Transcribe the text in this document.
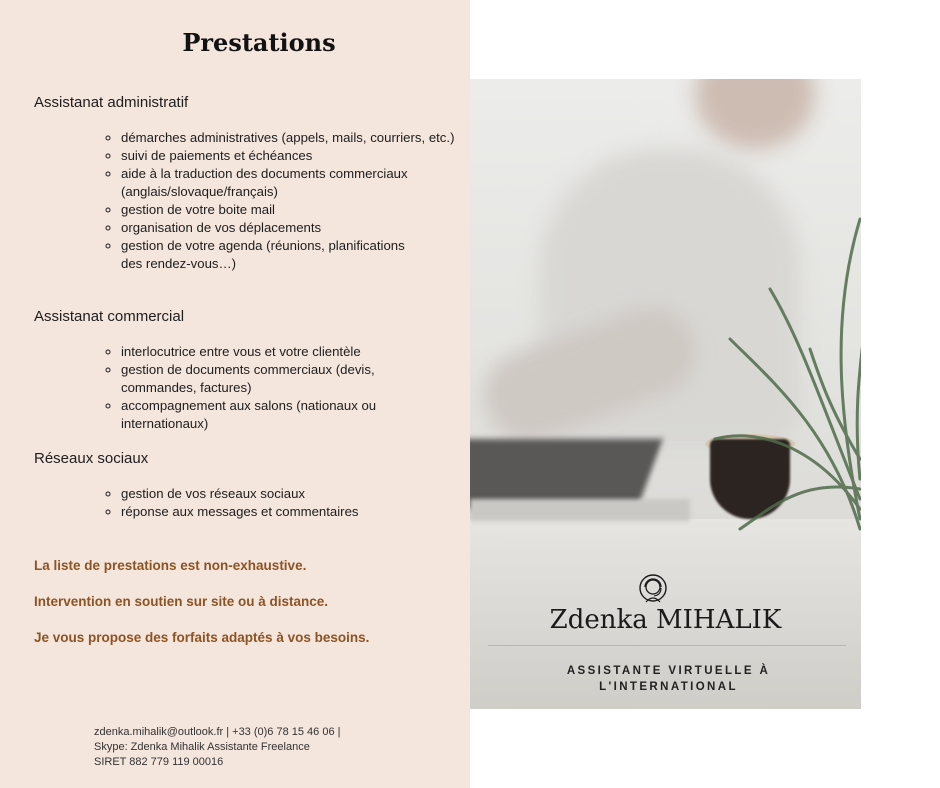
Prestations
Assistanat administratif
◦ démarches administratives (appels, mails, courriers, etc.)
◦ suivi de paiements et échéances
◦ aide à la traduction des documents commerciaux (anglais/slovaque/français)
◦ gestion de votre boite mail
◦ organisation de vos déplacements
◦ gestion de votre agenda (réunions, planifications des rendez-vous…)
Assistanat commercial
◦ interlocutrice entre vous et votre clientèle
◦ gestion de documents commerciaux (devis, commandes, factures)
◦ accompagnement aux salons (nationaux ou internationaux)
Réseaux sociaux
◦ gestion de vos réseaux sociaux
◦ réponse aux messages et commentaires
La liste de prestations est non-exhaustive.
Intervention en soutien sur site ou à distance.
Je vous propose des forfaits adaptés à vos besoins.
zdenka.mihalik@outlook.fr | +33 (0)6 78 15 46 06 |
Skype: Zdenka Mihalik Assistante Freelance
SIRET 882 779 119 00016
Zdenka MIHALIK
ASSISTANTE VIRTUELLE À
L'INTERNATIONAL
